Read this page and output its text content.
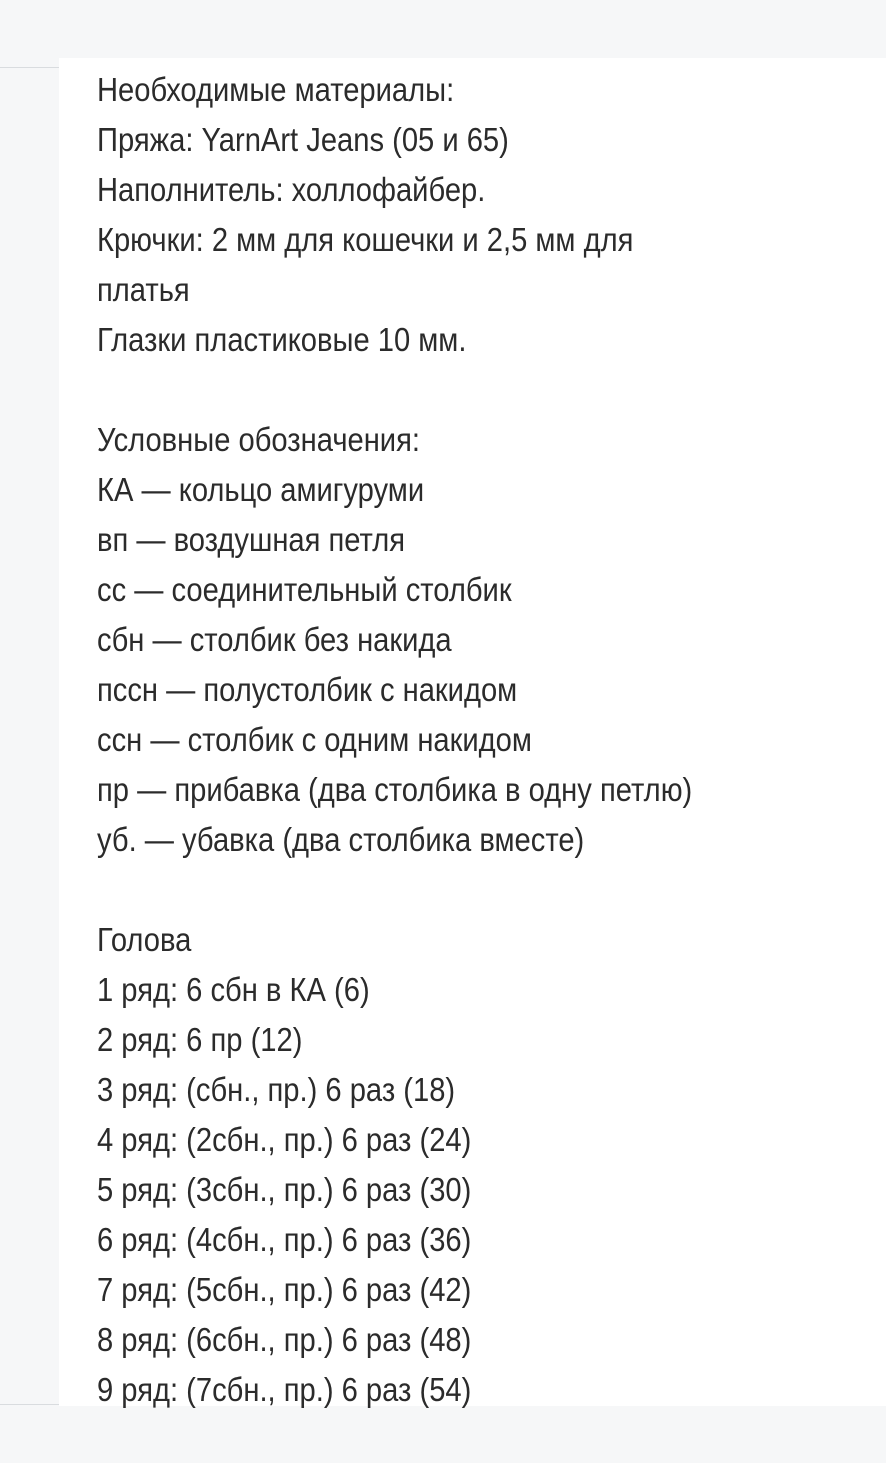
Необходимые материалы:
Пряжа: YarnArt Jeans (05 и 65)
Наполнитель: холлофайбер.
Крючки: 2 мм для кошечки и 2,5 мм для
платья
Глазки пластиковые 10 мм.
Условные обозначения:
КА — кольцо амигуруми
вп — воздушная петля
сс — соединительный столбик
сбн — столбик без накида
пссн — полустолбик с накидом
ссн — столбик с одним накидом
пр — прибавка (два столбика в одну петлю)
уб. — убавка (два столбика вместе)
Голова
1 ряд: 6 сбн в КА (6)
2 ряд: 6 пр (12)
3 ряд: (сбн., пр.) 6 раз (18)
4 ряд: (2сбн., пр.) 6 раз (24)
5 ряд: (3сбн., пр.) 6 раз (30)
6 ряд: (4сбн., пр.) 6 раз (36)
7 ряд: (5сбн., пр.) 6 раз (42)
8 ряд: (6сбн., пр.) 6 раз (48)
9 ряд: (7сбн., пр.) 6 раз (54)
